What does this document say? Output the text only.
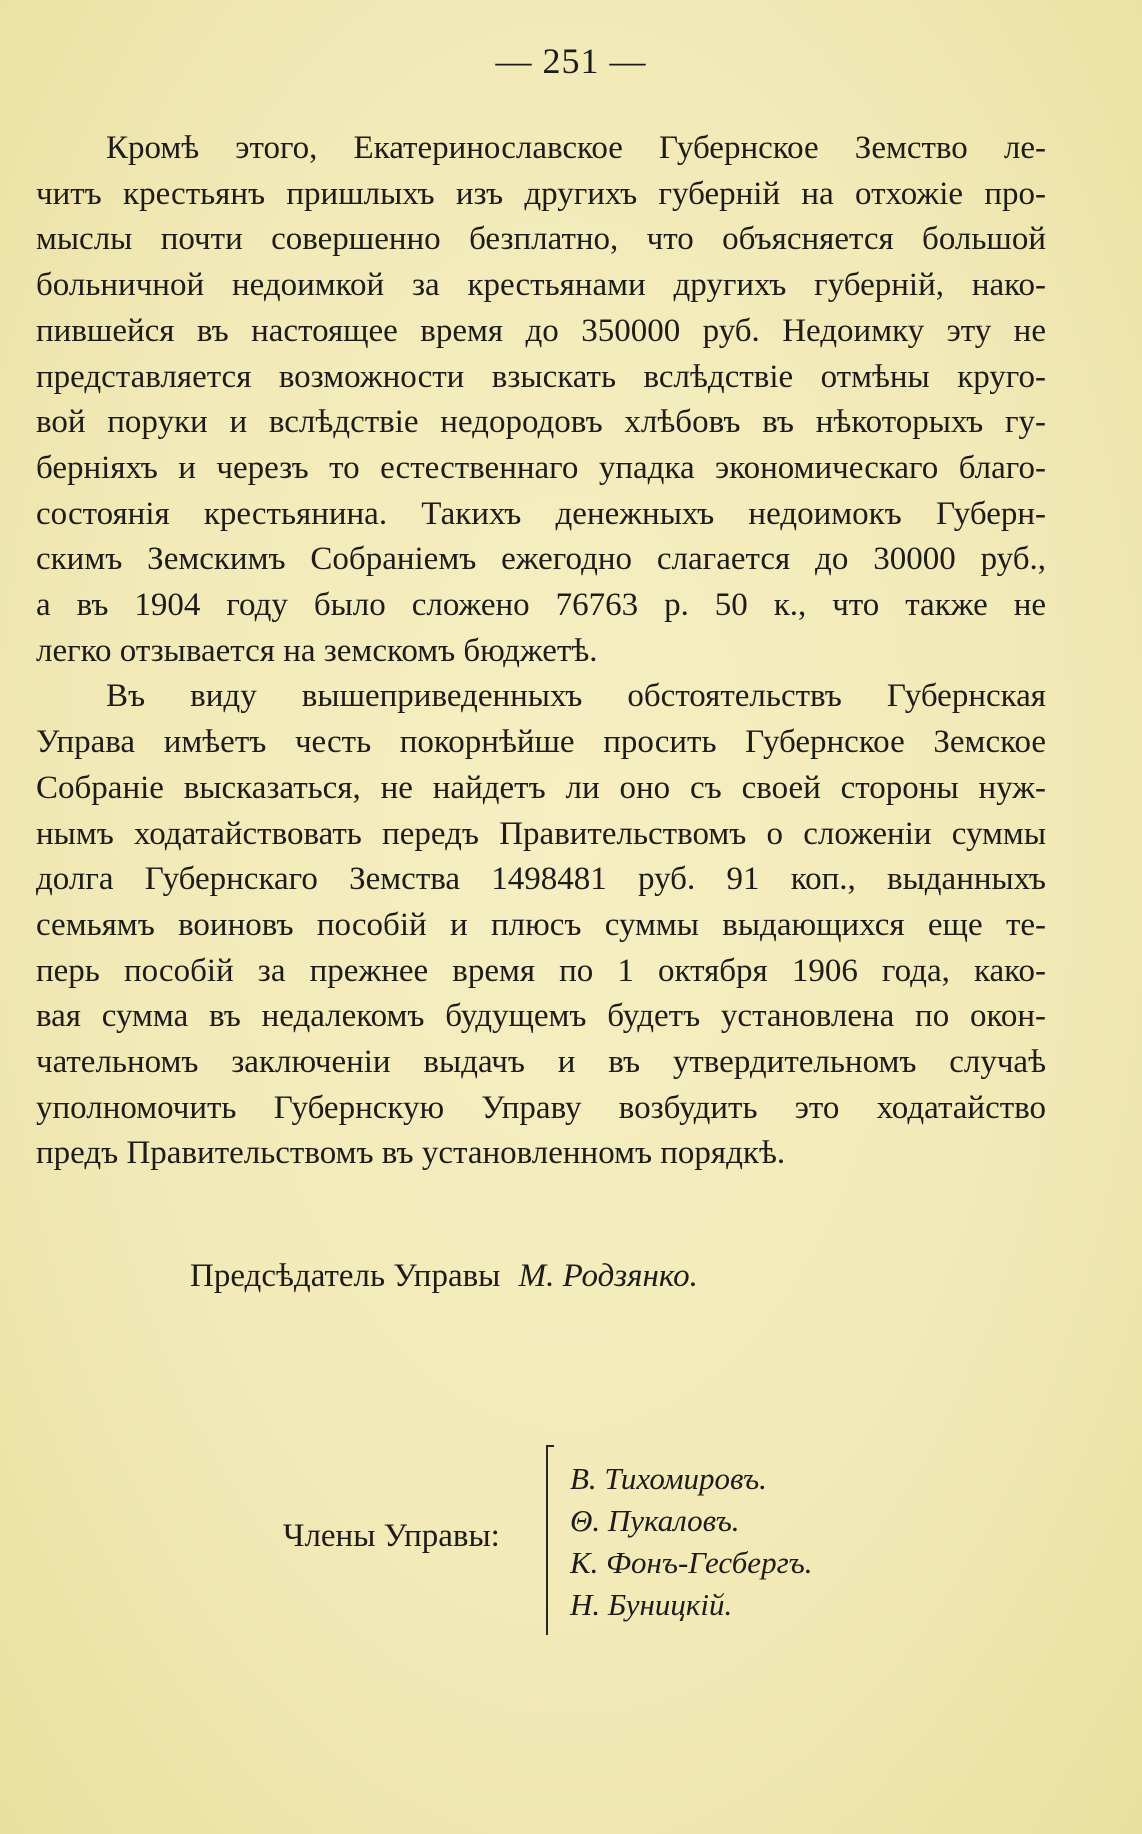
— 251 —
Кромѣ этого, Екатеринославское Губернское Земство ле-
читъ крестьянъ пришлыхъ изъ другихъ губерній на отхожіе про-
мыслы почти совершенно безплатно, что объясняется большой
больничной недоимкой за крестьянами другихъ губерній, нако-
пившейся въ настоящее время до 350000 руб. Недоимку эту не
представляется возможности взыскать вслѣдствіе отмѣны круго-
вой поруки и вслѣдствіе недородовъ хлѣбовъ въ нѣкоторыхъ гу-
берніяхъ и черезъ то естественнаго упадка экономическаго благо-
состоянія крестьянина. Такихъ денежныхъ недоимокъ Губерн-
скимъ Земскимъ Собраніемъ ежегодно слагается до 30000 руб.,
а въ 1904 году было сложено 76763 р. 50 к., что также не
легко отзывается на земскомъ бюджетѣ.
Въ виду вышеприведенныхъ обстоятельствъ Губернская
Управа имѣетъ честь покорнѣйше просить Губернское Земское
Собраніе высказаться, не найдетъ ли оно съ своей стороны нуж-
нымъ ходатайствовать передъ Правительствомъ о сложеніи суммы
долга Губернскаго Земства 1498481 руб. 91 коп., выданныхъ
семьямъ воиновъ пособій и плюсъ суммы выдающихся еще те-
перь пособій за прежнее время по 1 октября 1906 года, како-
вая сумма въ недалекомъ будущемъ будетъ установлена по окон-
чательномъ заключеніи выдачъ и въ утвердительномъ случаѣ
уполномочить Губернскую Управу возбудить это ходатайство
предъ Правительствомъ въ установленномъ порядкѣ.
Предсѣдатель Управы М. Родзянко.
Члены Управы:
В. Тихомировъ.
Θ. Пукаловъ.
К. Фонъ-Гесбергъ.
Н. Буницкій.
